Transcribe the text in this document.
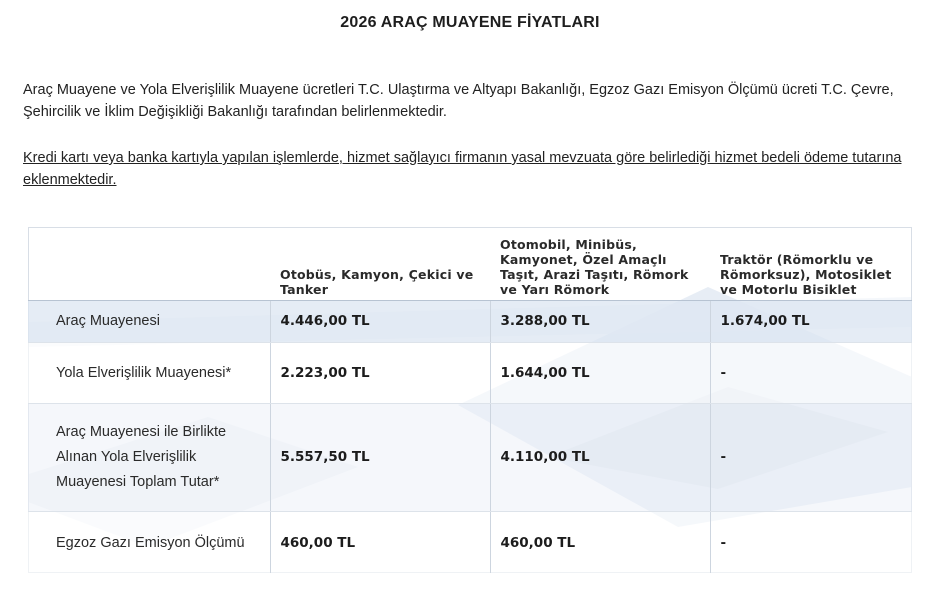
2026 ARAÇ MUAYENE FİYATLARI
Araç Muayene ve Yola Elverişlilik Muayene ücretleri T.C. Ulaştırma ve Altyapı Bakanlığı, Egzoz Gazı Emisyon Ölçümü ücreti T.C. Çevre, Şehircilik ve İklim Değişikliği Bakanlığı tarafından belirlenmektedir.
Kredi kartı veya banka kartıyla yapılan işlemlerde, hizmet sağlayıcı firmanın yasal mevzuata göre belirlediği hizmet bedeli ödeme tutarına eklenmektedir.
	Otobüs, Kamyon, Çekici ve Tanker	Otomobil, Minibüs, Kamyonet, Özel Amaçlı Taşıt, Arazi Taşıtı, Römork ve Yarı Römork	Traktör (Römorklu ve Römorksuz), Motosiklet ve Motorlu Bisiklet
Araç Muayenesi	4.446,00 TL	3.288,00 TL	1.674,00 TL
Yola Elverişlilik Muayenesi*	2.223,00 TL	1.644,00 TL	-
Araç Muayenesi ile Birlikte Alınan Yola Elverişlilik Muayenesi Toplam Tutar*	5.557,50 TL	4.110,00 TL	-
Egzoz Gazı Emisyon Ölçümü	460,00 TL	460,00 TL	-
